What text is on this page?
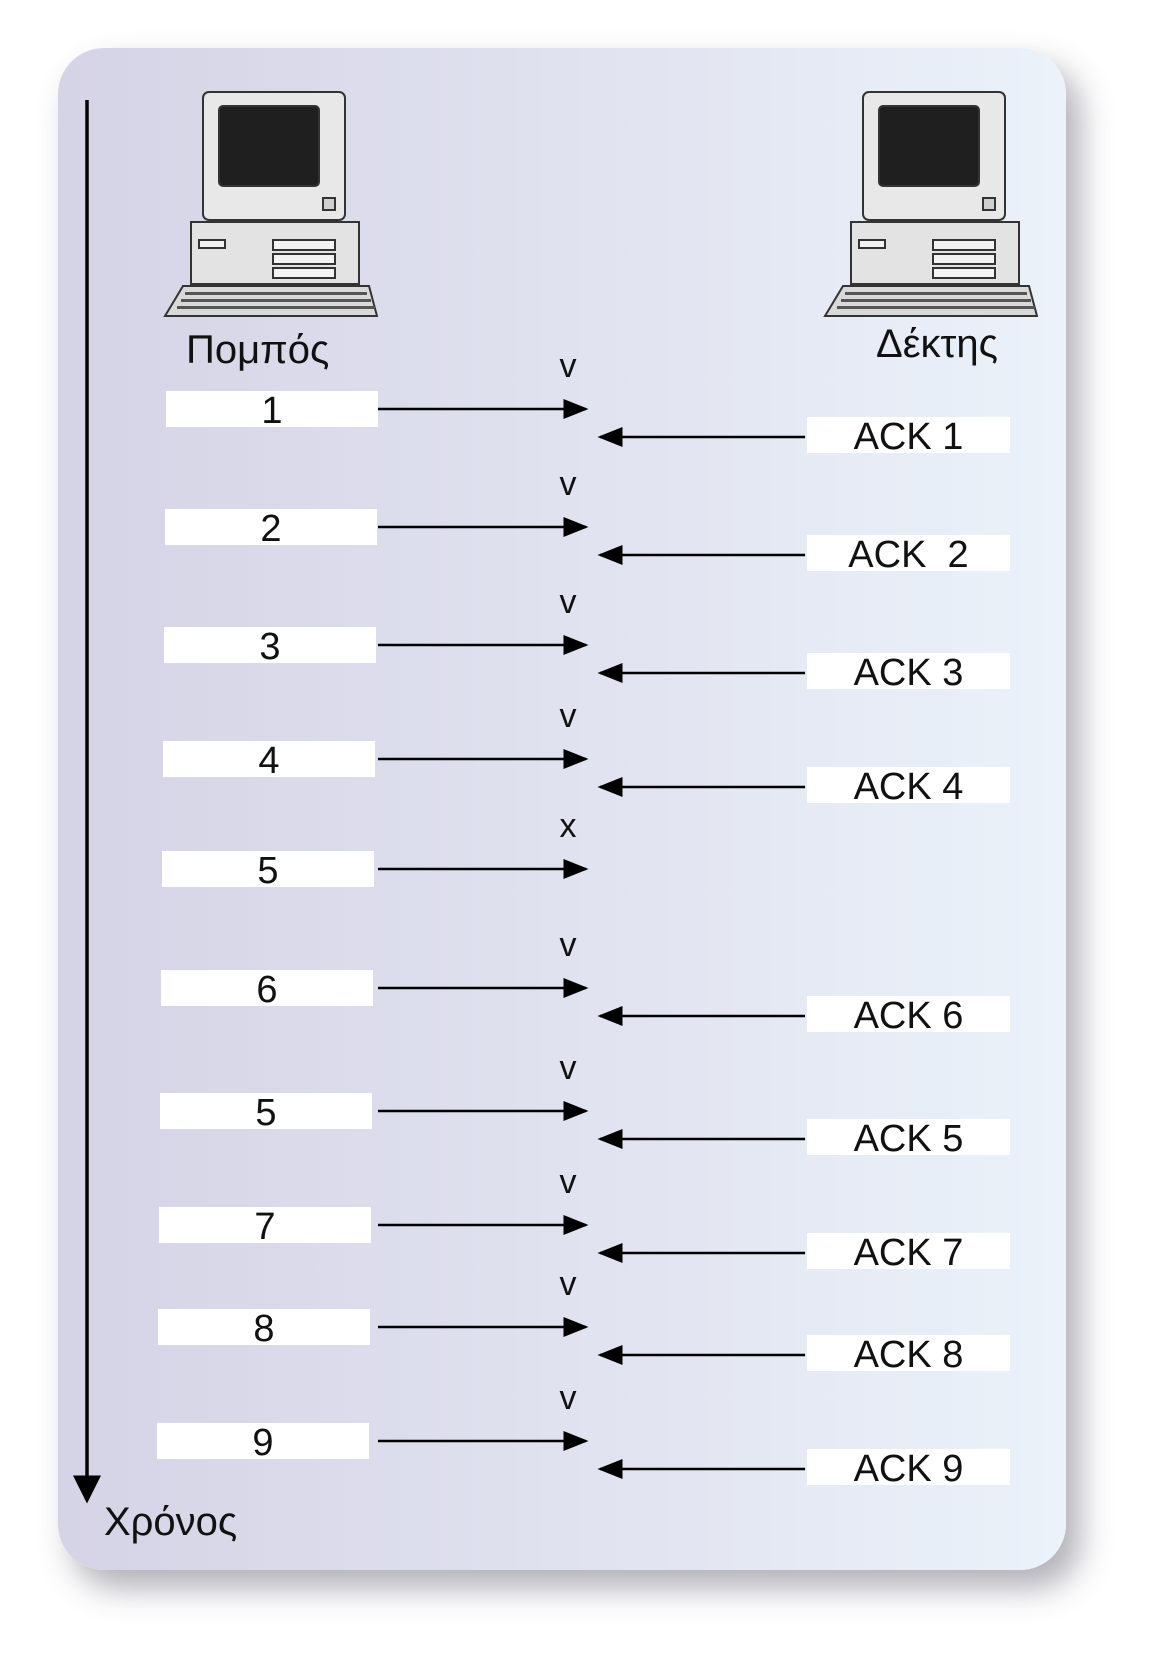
Πομπός	Δέκτης
Χρόνος
1
v
ACK 1
2
v
ACK  2
3
v
ACK 3
4
v
ACK 4
5
x
6
v
ACK 6
5
v
ACK 5
7
v
ACK 7
8
v
ACK 8
9
v
ACK 9
